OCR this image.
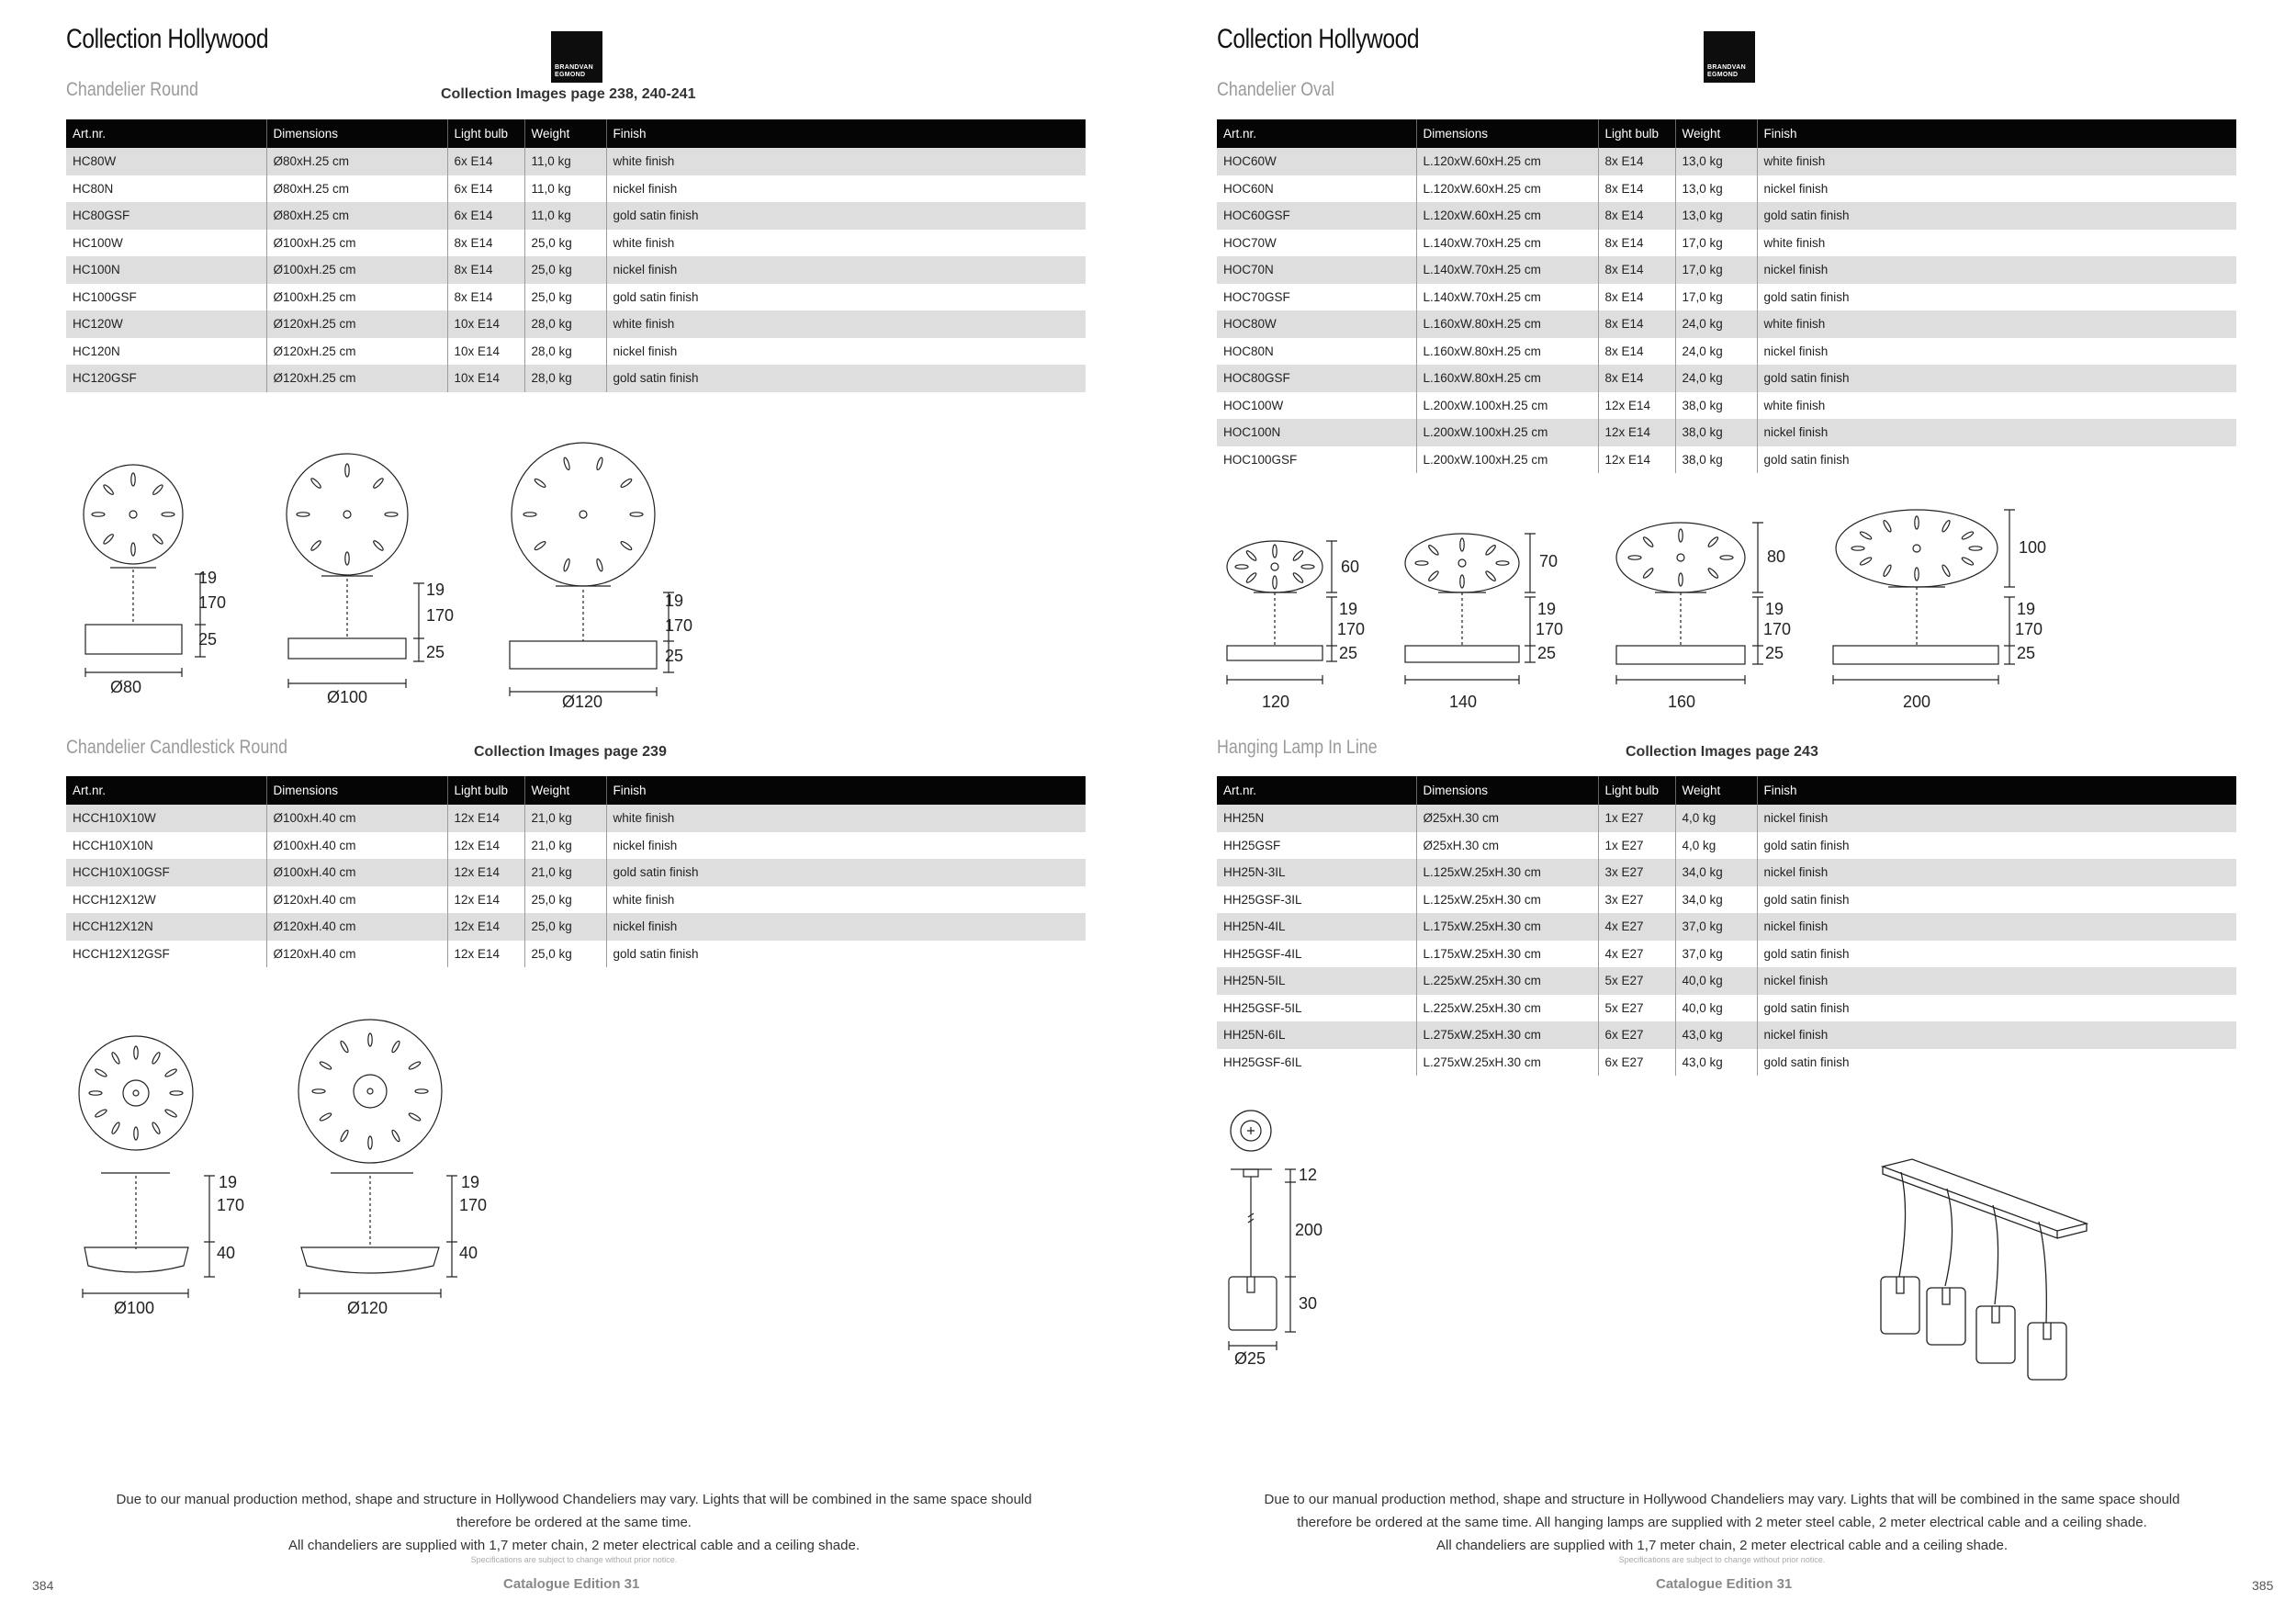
Collection Hollywood
BRANDVAN
EGMOND
Chandelier Round	Collection Images page 238, 240-241
Art.nr.	Dimensions	Light bulb	Weight	Finish
HC80W	Ø80xH.25 cm	6x E14	11,0 kg	white finish
HC80N	Ø80xH.25 cm	6x E14	11,0 kg	nickel finish
HC80GSF	Ø80xH.25 cm	6x E14	11,0 kg	gold satin finish
HC100W	Ø100xH.25 cm	8x E14	25,0 kg	white finish
HC100N	Ø100xH.25 cm	8x E14	25,0 kg	nickel finish
HC100GSF	Ø100xH.25 cm	8x E14	25,0 kg	gold satin finish
HC120W	Ø120xH.25 cm	10x E14	28,0 kg	white finish
HC120N	Ø120xH.25 cm	10x E14	28,0 kg	nickel finish
HC120GSF	Ø120xH.25 cm	10x E14	28,0 kg	gold satin finish
19
170
25
Ø80
19
170
25
Ø100
19
170
25
Ø120
Chandelier Candlestick Round	Collection Images page 239
Art.nr.	Dimensions	Light bulb	Weight	Finish
HCCH10X10W	Ø100xH.40 cm	12x E14	21,0 kg	white finish
HCCH10X10N	Ø100xH.40 cm	12x E14	21,0 kg	nickel finish
HCCH10X10GSF	Ø100xH.40 cm	12x E14	21,0 kg	gold satin finish
HCCH12X12W	Ø120xH.40 cm	12x E14	25,0 kg	white finish
HCCH12X12N	Ø120xH.40 cm	12x E14	25,0 kg	nickel finish
HCCH12X12GSF	Ø120xH.40 cm	12x E14	25,0 kg	gold satin finish
19
170
40
Ø100
19
170
40
Ø120
Due to our manual production method, shape and structure in Hollywood Chandeliers may vary. Lights that will be combined in the same space should
therefore be ordered at the same time.
All chandeliers are supplied with 1,7 meter chain, 2 meter electrical cable and a ceiling shade.
Specifications are subject to change without prior notice.
384	Catalogue Edition 31
Collection Hollywood
BRANDVAN
EGMOND
Chandelier Oval
Art.nr.	Dimensions	Light bulb	Weight	Finish
HOC60W	L.120xW.60xH.25 cm	8x E14	13,0 kg	white finish
HOC60N	L.120xW.60xH.25 cm	8x E14	13,0 kg	nickel finish
HOC60GSF	L.120xW.60xH.25 cm	8x E14	13,0 kg	gold satin finish
HOC70W	L.140xW.70xH.25 cm	8x E14	17,0 kg	white finish
HOC70N	L.140xW.70xH.25 cm	8x E14	17,0 kg	nickel finish
HOC70GSF	L.140xW.70xH.25 cm	8x E14	17,0 kg	gold satin finish
HOC80W	L.160xW.80xH.25 cm	8x E14	24,0 kg	white finish
HOC80N	L.160xW.80xH.25 cm	8x E14	24,0 kg	nickel finish
HOC80GSF	L.160xW.80xH.25 cm	8x E14	24,0 kg	gold satin finish
HOC100W	L.200xW.100xH.25 cm	12x E14	38,0 kg	white finish
HOC100N	L.200xW.100xH.25 cm	12x E14	38,0 kg	nickel finish
HOC100GSF	L.200xW.100xH.25 cm	12x E14	38,0 kg	gold satin finish
60
19
170
25
120
70
19
170
25
140
80
19
170
25
160
100
19
170
25
200
Hanging Lamp In Line	Collection Images page 243
Art.nr.	Dimensions	Light bulb	Weight	Finish
HH25N	Ø25xH.30 cm	1x E27	4,0 kg	nickel finish
HH25GSF	Ø25xH.30 cm	1x E27	4,0 kg	gold satin finish
HH25N-3IL	L.125xW.25xH.30 cm	3x E27	34,0 kg	nickel finish
HH25GSF-3IL	L.125xW.25xH.30 cm	3x E27	34,0 kg	gold satin finish
HH25N-4IL	L.175xW.25xH.30 cm	4x E27	37,0 kg	nickel finish
HH25GSF-4IL	L.175xW.25xH.30 cm	4x E27	37,0 kg	gold satin finish
HH25N-5IL	L.225xW.25xH.30 cm	5x E27	40,0 kg	nickel finish
HH25GSF-5IL	L.225xW.25xH.30 cm	5x E27	40,0 kg	gold satin finish
HH25N-6IL	L.275xW.25xH.30 cm	6x E27	43,0 kg	nickel finish
HH25GSF-6IL	L.275xW.25xH.30 cm	6x E27	43,0 kg	gold satin finish
12
200
30
Ø25
Due to our manual production method, shape and structure in Hollywood Chandeliers may vary. Lights that will be combined in the same space should
therefore be ordered at the same time. All hanging lamps are supplied with 2 meter steel cable, 2 meter electrical cable and a ceiling shade.
All chandeliers are supplied with 1,7 meter chain, 2 meter electrical cable and a ceiling shade.
Specifications are subject to change without prior notice.
385
Catalogue Edition 31
